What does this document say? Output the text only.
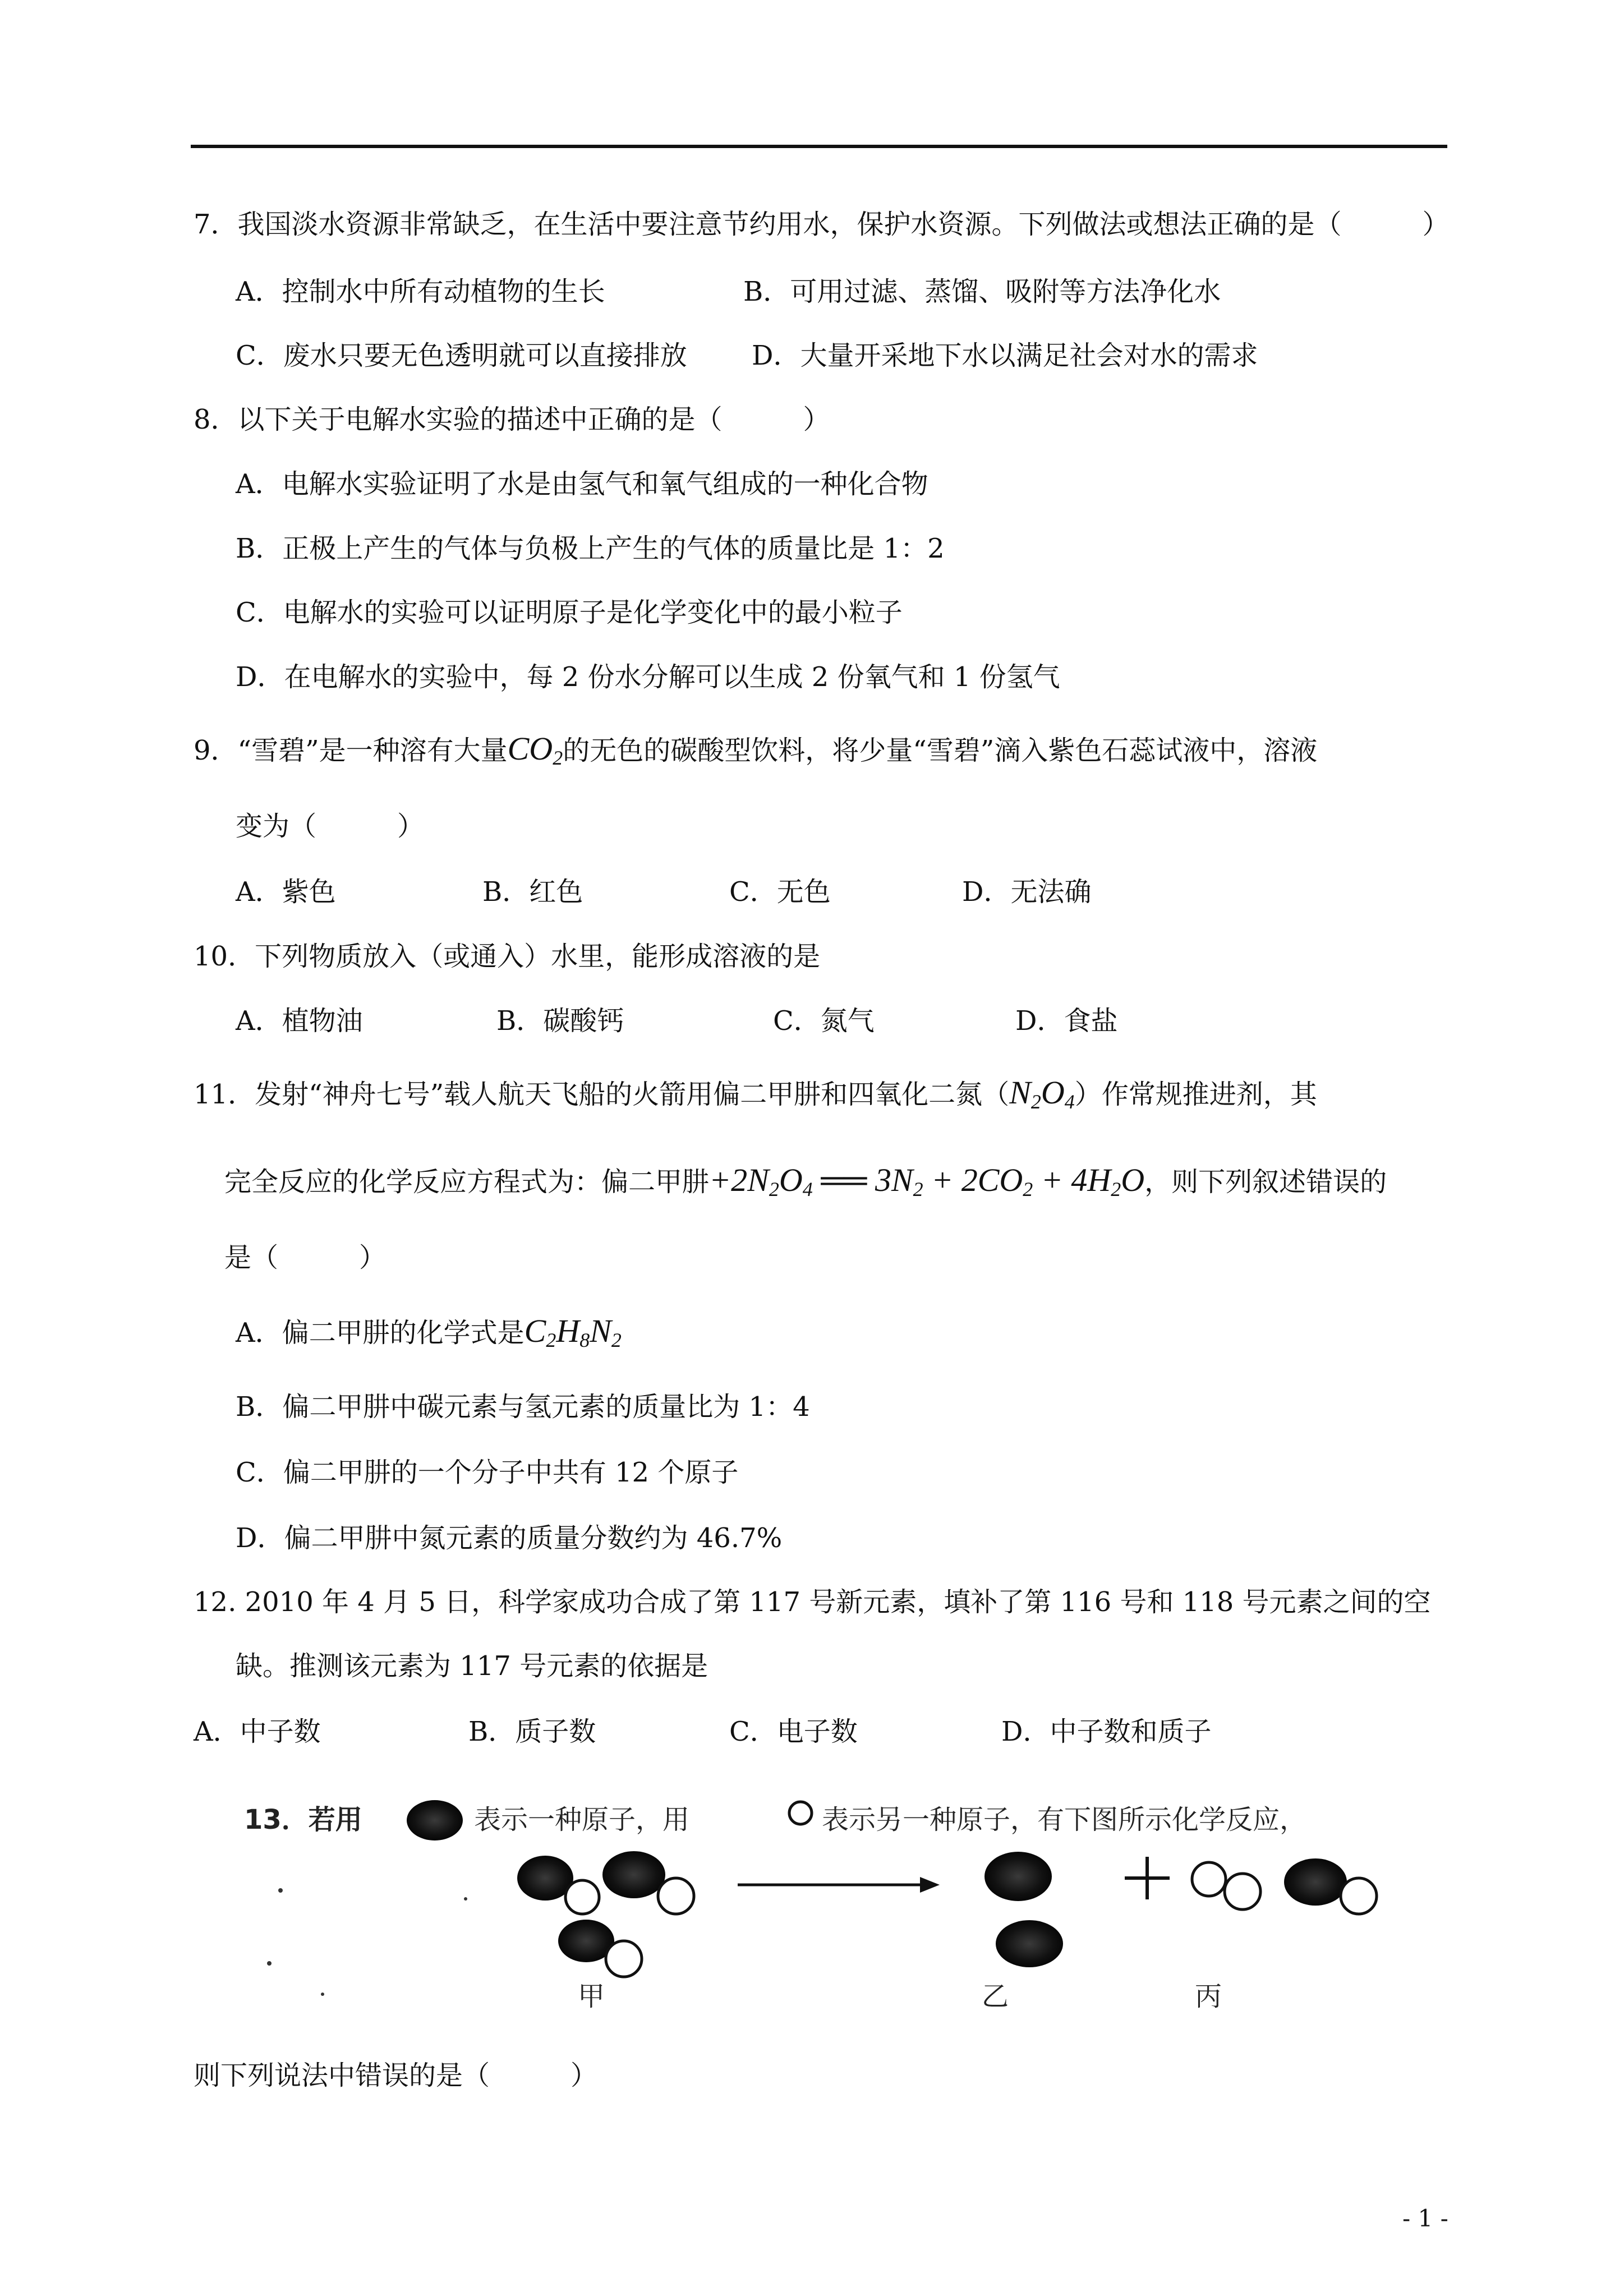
7．我国淡水资源非常缺乏，在生活中要注意节约用水，保护水资源。下列做法或想法正确的是（　　　）
A．控制水中所有动植物的生长	B．可用过滤、蒸馏、吸附等方法净化水
C．废水只要无色透明就可以直接排放 D．大量开采地下水以满足社会对水的需求
8．以下关于电解水实验的描述中正确的是（　　　）
A．电解水实验证明了水是由氢气和氧气组成的一种化合物
B．正极上产生的气体与负极上产生的气体的质量比是 1：2
C．电解水的实验可以证明原子是化学变化中的最小粒子
D．在电解水的实验中，每 2 份水分解可以生成 2 份氧气和 1 份氢气
9．“雪碧”是一种溶有大量$CO_2$的无色的碳酸型饮料，将少量“雪碧”滴入紫色石蕊试液中，溶液
变为（　　　）
A．紫色	B．红色	C．无色	D．无法确
10．下列物质放入（或通入）水里，能形成溶液的是
A．植物油	B．碳酸钙	C．氮气	D．食盐
11．发射“神舟七号”载人航天飞船的火箭用偏二甲肼和四氧化二氮$(N_2O_4)$作常规推进剂，其
完全反应的化学反应方程式为：偏二甲肼$+2N_2O_4$ ══ $3N_2 + 2CO_2 + 4H_2O$，则下列叙述错误的
是（　　　）
A．偏二甲肼的化学式是$C_2H_8N_2$
B．偏二甲肼中碳元素与氢元素的质量比为 1：4
C．偏二甲肼的一个分子中共有 12 个原子
D．偏二甲肼中氮元素的质量分数约为 46.7%
12. 2010 年 4 月 5 日，科学家成功合成了第 117 号新元素，填补了第 116 号和 118 号元素之间的空
缺。推测该元素为 117 号元素的依据是
A．中子数	B．质子数	C．电子数	D．中子数和质子
13．若用	表示一种原子，用	表示另一种原子，有下图所示化学反应，
甲	乙	丙
则下列说法中错误的是（　　　）
- 1 -
